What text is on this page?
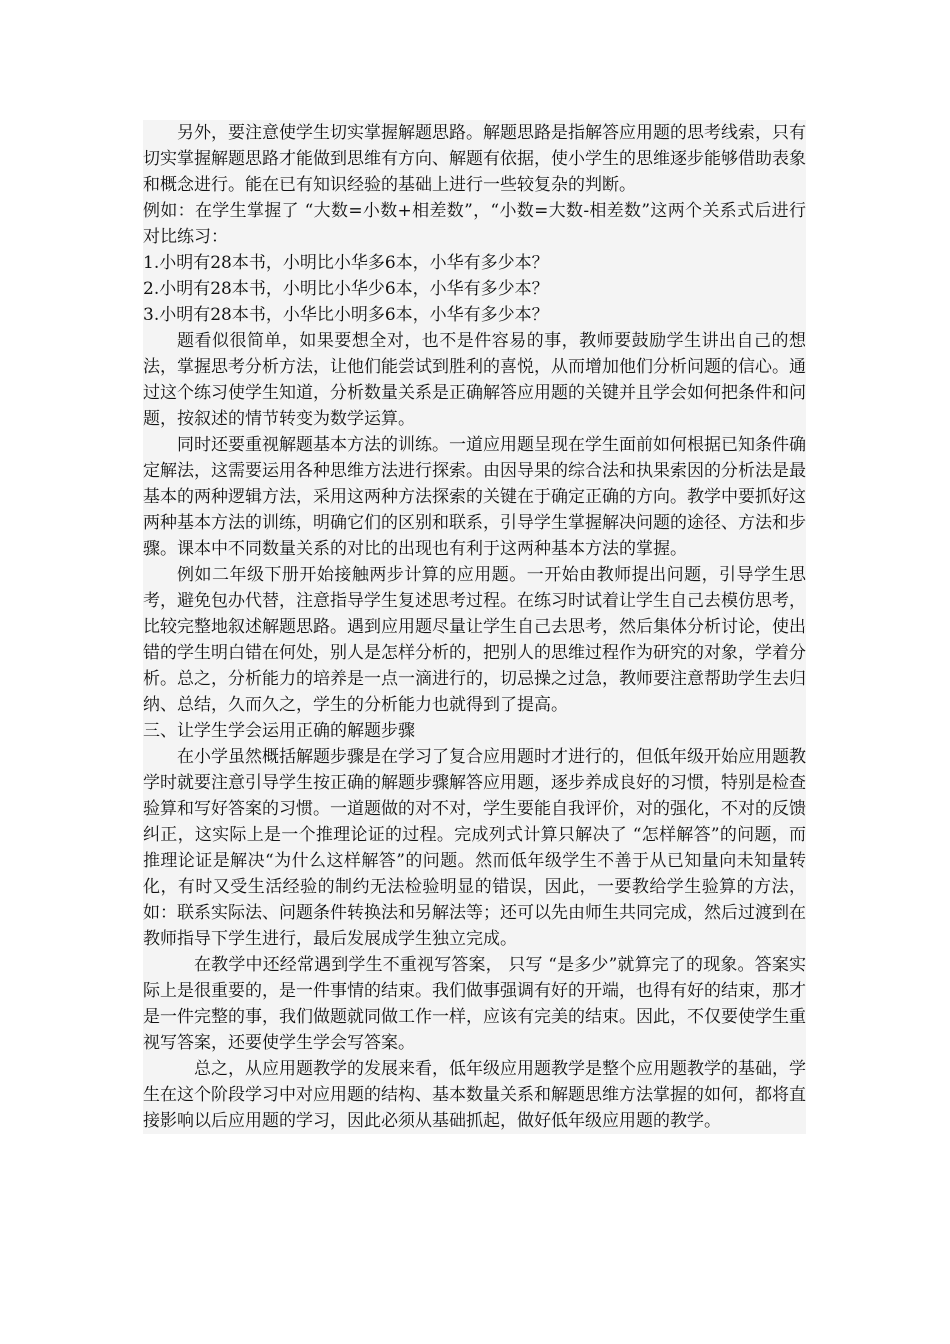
另外，要注意使学生切实掌握解题思路。解题思路是指解答应用题的思考线索，只有切实掌握解题思路才能做到思维有方向、解题有依据，使小学生的思维逐步能够借助表象和概念进行。能在已有知识经验的基础上进行一些较复杂的判断。

例如：在学生掌握了 “大数=小数+相差数”，“小数=大数-相差数”这两个关系式后进行对比练习：

1.小明有28本书，小明比小华多6本，小华有多少本？

2.小明有28本书，小明比小华少6本，小华有多少本？

3.小明有28本书，小华比小明多6本，小华有多少本？

题看似很简单，如果要想全对，也不是件容易的事，教师要鼓励学生讲出自己的想法，掌握思考分析方法，让他们能尝试到胜利的喜悦，从而增加他们分析问题的信心。通过这个练习使学生知道，分析数量关系是正确解答应用题的关键并且学会如何把条件和问题，按叙述的情节转变为数学运算。

同时还要重视解题基本方法的训练。一道应用题呈现在学生面前如何根据已知条件确定解法，这需要运用各种思维方法进行探索。由因导果的综合法和执果索因的分析法是最基本的两种逻辑方法，采用这两种方法探索的关键在于确定正确的方向。教学中要抓好这两种基本方法的训练，明确它们的区别和联系，引导学生掌握解决问题的途径、方法和步骤。课本中不同数量关系的对比的出现也有利于这两种基本方法的掌握。

例如二年级下册开始接触两步计算的应用题。一开始由教师提出问题，引导学生思考，避免包办代替，注意指导学生复述思考过程。在练习时试着让学生自己去模仿思考，比较完整地叙述解题思路。遇到应用题尽量让学生自己去思考，然后集体分析讨论，使出错的学生明白错在何处，别人是怎样分析的，把别人的思维过程作为研究的对象，学着分析。总之，分析能力的培养是一点一滴进行的，切忌操之过急，教师要注意帮助学生去归纳、总结，久而久之，学生的分析能力也就得到了提高。

三、让学生学会运用正确的解题步骤

在小学虽然概括解题步骤是在学习了复合应用题时才进行的，但低年级开始应用题教学时就要注意引导学生按正确的解题步骤解答应用题，逐步养成良好的习惯，特别是检查验算和写好答案的习惯。一道题做的对不对，学生要能自我评价，对的强化，不对的反馈纠正，这实际上是一个推理论证的过程。完成列式计算只解决了 “怎样解答”的问题，而推理论证是解决“为什么这样解答”的问题。然而低年级学生不善于从已知量向未知量转化，有时又受生活经验的制约无法检验明显的错误，因此，一要教给学生验算的方法，如：联系实际法、问题条件转换法和另解法等；还可以先由师生共同完成，然后过渡到在教师指导下学生进行，最后发展成学生独立完成。

在教学中还经常遇到学生不重视写答案， 只写 “是多少”就算完了的现象。答案实际上是很重要的，是一件事情的结束。我们做事强调有好的开端，也得有好的结束，那才是一件完整的事，我们做题就同做工作一样，应该有完美的结束。因此，不仅要使学生重视写答案，还要使学生学会写答案。

总之，从应用题教学的发展来看，低年级应用题教学是整个应用题教学的基础，学生在这个阶段学习中对应用题的结构、基本数量关系和解题思维方法掌握的如何，都将直接影响以后应用题的学习，因此必须从基础抓起，做好低年级应用题的教学。
